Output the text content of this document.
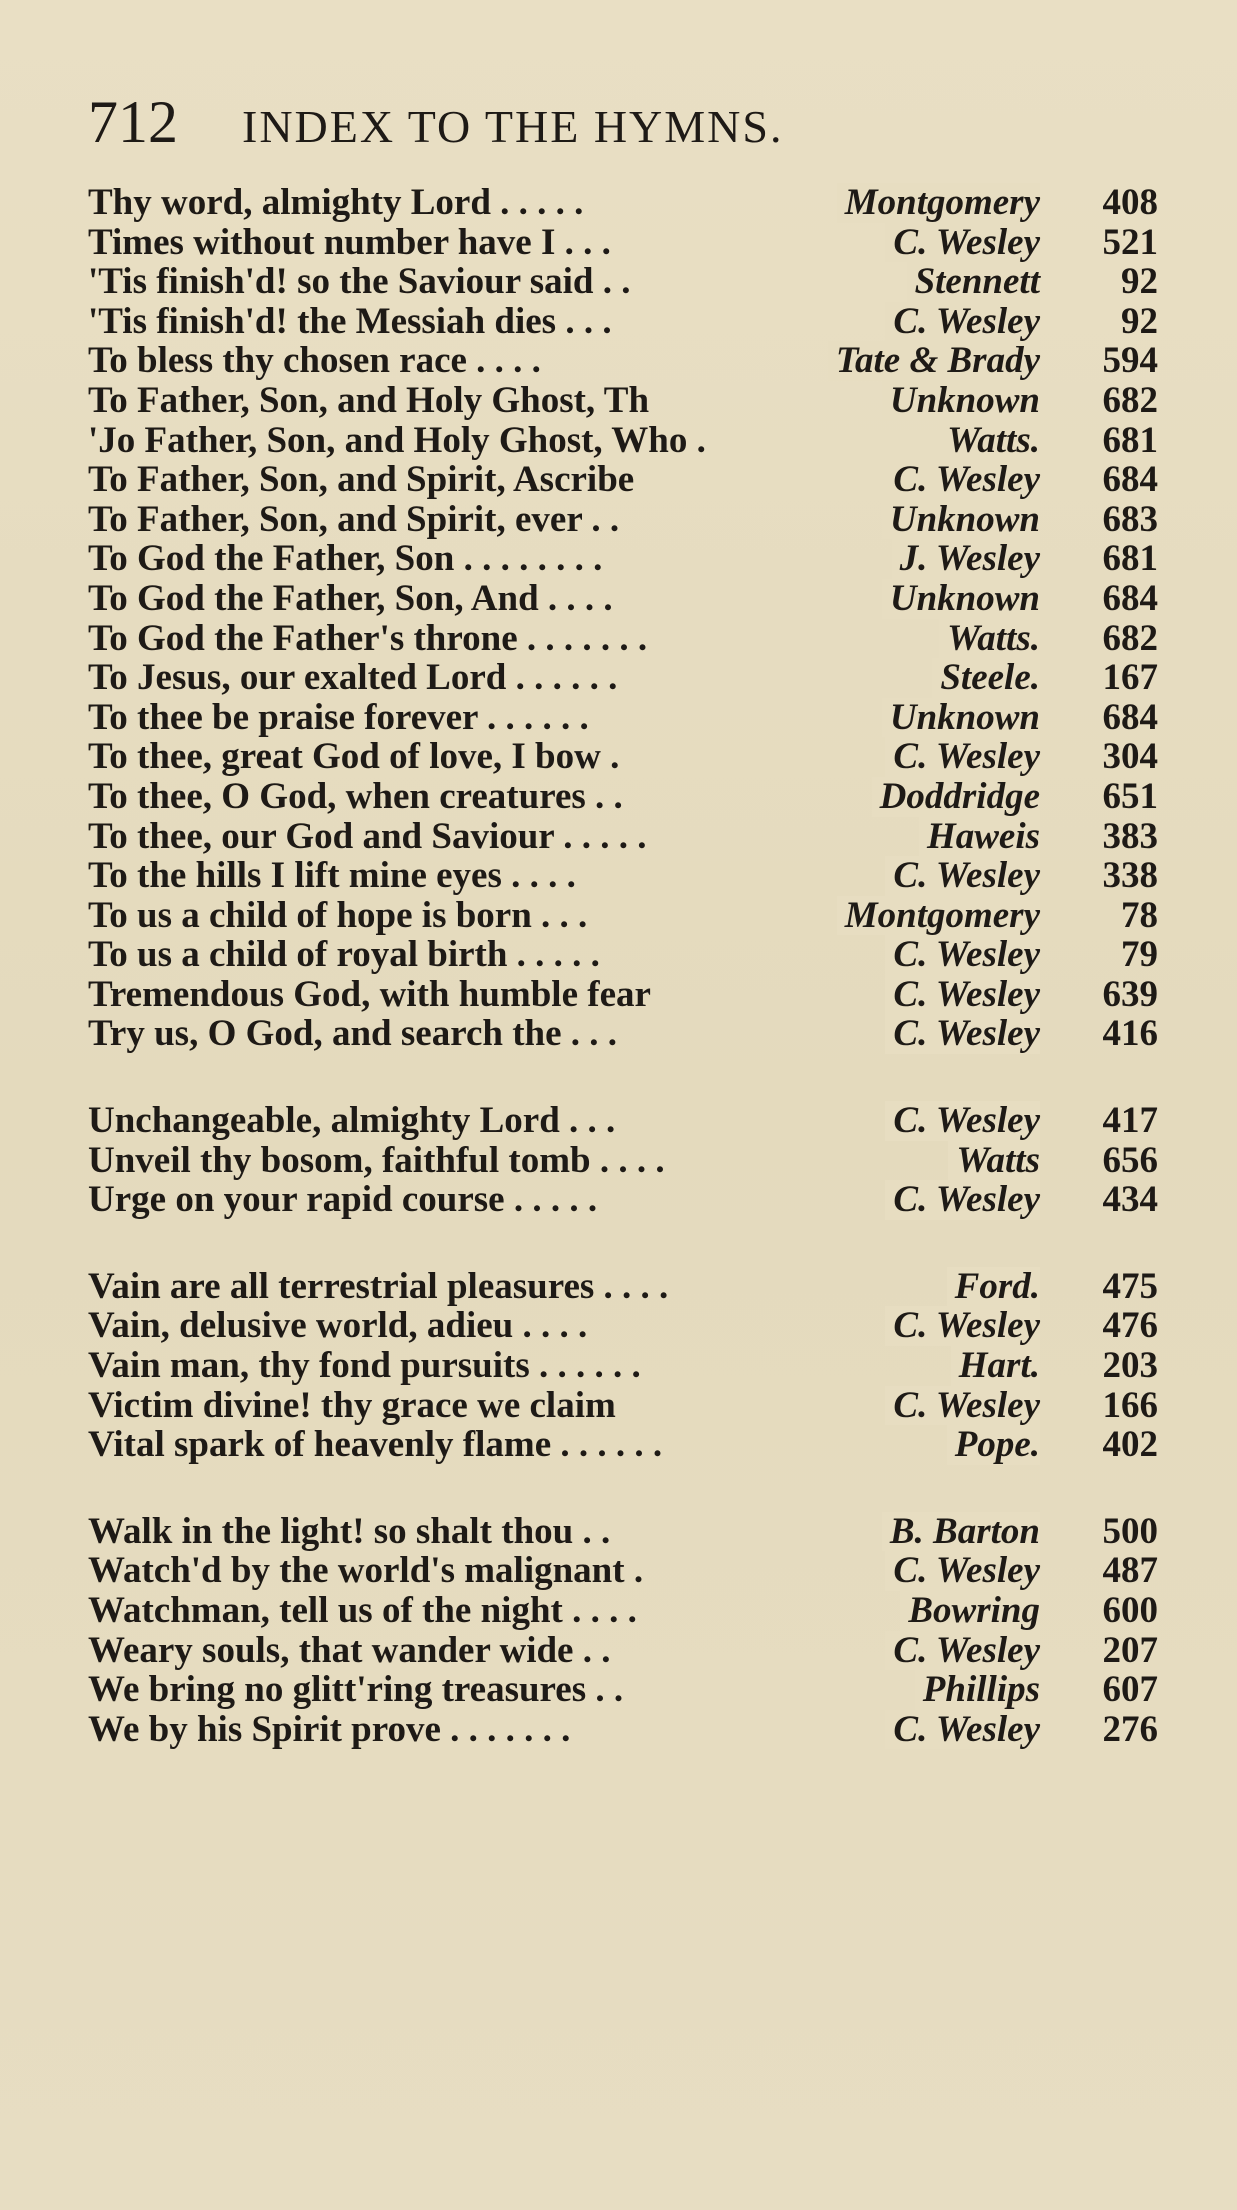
712 INDEX TO THE HYMNS.
Thy word, almighty Lord . . . . .	Montgomery	408
Times without number have I . . .	C. Wesley	521
'Tis finish'd! so the Saviour said . .	Stennett	92
'Tis finish'd! the Messiah dies . . .	C. Wesley	92
To bless thy chosen race . . . .	Tate & Brady	594
To Father, Son, and Holy Ghost, Th	Unknown	682
'Jo Father, Son, and Holy Ghost, Who .	Watts.	681
To Father, Son, and Spirit, Ascribe	C. Wesley	684
To Father, Son, and Spirit, ever . .	Unknown	683
To God the Father, Son . . . . . . . .	J. Wesley	681
To God the Father, Son, And . . . .	Unknown	684
To God the Father's throne . . . . . . .	Watts.	682
To Jesus, our exalted Lord . . . . . .	Steele.	167
To thee be praise forever . . . . . .	Unknown	684
To thee, great God of love, I bow .	C. Wesley	304
To thee, O God, when creatures . .	Doddridge	651
To thee, our God and Saviour . . . . .	Haweis	383
To the hills I lift mine eyes . . . .	C. Wesley	338
To us a child of hope is born . . .	Montgomery	78
To us a child of royal birth . . . . .	C. Wesley	79
Tremendous God, with humble fear	C. Wesley	639
Try us, O God, and search the . . .	C. Wesley	416
Unchangeable, almighty Lord . . .	C. Wesley	417
Unveil thy bosom, faithful tomb . . . .	Watts	656
Urge on your rapid course . . . . .	C. Wesley	434
Vain are all terrestrial pleasures . . . .	Ford.	475
Vain, delusive world, adieu . . . .	C. Wesley	476
Vain man, thy fond pursuits . . . . . .	Hart.	203
Victim divine! thy grace we claim	C. Wesley	166
Vital spark of heavenly flame . . . . . .	Pope.	402
Walk in the light! so shalt thou . .	B. Barton	500
Watch'd by the world's malignant .	C. Wesley	487
Watchman, tell us of the night . . . .	Bowring	600
Weary souls, that wander wide . .	C. Wesley	207
We bring no glitt'ring treasures . .	Phillips	607
We by his Spirit prove . . . . . . .	C. Wesley	276
